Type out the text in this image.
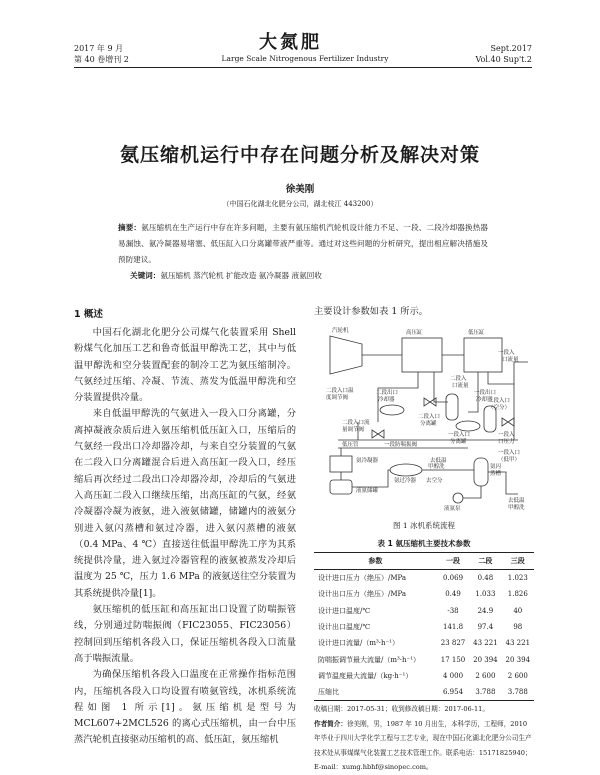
2017 年 9 月
第 40 卷增刊 2
大氮肥
Large Scale Nitrogenous Fertilizer Industry
Sept.2017
Vol.40 Sup't.2
氨压缩机运行中存在问题分析及解决对策
徐美刚
（中国石化湖北化肥分公司，湖北枝江 443200）
摘要：氨压缩机在生产运行中存在许多问题，主要有氨压缩机汽轮机设计能力不足、一段、二段冷却器换热器易漏蚀、氨冷凝器易堵塞、低压缸入口分离罐带液严重等。通过对这些问题的分析研究，提出相应解决措施及预防建议。
关键词：氨压缩机 蒸汽轮机 扩能改造 氨冷凝器 液氨回收
1 概述

中国石化湖北化肥分公司煤气化装置采用 Shell 粉煤气化加压工艺和鲁奇低温甲醇洗工艺，其中与低温甲醇洗和空分装置配套的制冷工艺为氨压缩制冷。气氨经过压缩、冷凝、节流、蒸发为低温甲醇洗和空分装置提供冷量。

来自低温甲醇洗的气氨进入一段入口分离罐，分离掉凝液杂质后进入氨压缩机低压缸入口，压缩后的气氨经一段出口冷却器冷却，与来自空分装置的气氨在二段入口分离罐混合后进入高压缸一段入口，经压缩后再次经过二段出口冷却器冷却，冷却后的气氨进入高压缸二段入口继续压缩，出高压缸的气氨，经氨冷凝器冷凝为液氨，进入液氨储罐，储罐内的液氨分别进入氨闪蒸槽和氨过冷器，进入氨闪蒸槽的液氨（0.4 MPa、4 ℃）直接送往低温甲醇洗工序为其系统提供冷量，进入氨过冷器管程的液氨被蒸发冷却后温度为 25 ℃，压力 1.6 MPa 的液氨送往空分装置为其系统提供冷量[1]。

氨压缩机的低压缸和高压缸出口设置了防喘振管线，分别通过防喘振阀（FIC23055、FIC23056）控制回到压缩机各段入口，保证压缩机各段入口流量高于喘振流量。

为确保压缩机各段入口温度在正常操作指标范围内，压缩机各段入口均设置有喷氨管线，冰机系统流程如图 1 所示[1]。氨压缩机是型号为 MCL607+2MCL526 的离心式压缩机，由一台中压蒸汽轮机直接驱动压缩机的高、低压缸，氨压缩机

主要设计参数如表 1 所示。
汽轮机	高压缸	低压缸
一段入
口流量
二段入
口流量
二段入口温
度调节阀
二段出口
冷却器
一段出口
冷却器
二段入口
分离罐
二段入口
（空分）
一段入
口压力
二段入口流
量调节阀
一段入口
分离罐
低压管	一段防喘振阀
一段入口
（低甲）
氨冷凝器
液氨储罐
氨过冷器
去低温
甲醇洗
去空分
氨闪
蒸槽
液氨泵
去低温
甲醇洗
图 1 冰机系统流程
表 1 氨压缩机主要技术参数
参数	一段	二段	三段
设计进口压力（绝压）/MPa	0.069	0.48	1.023
设计出口压力（绝压）/MPa	0.49	1.033	1.826
设计进口温度/℃	-38	24.9	40
设计出口温度/℃	141.8	97.4	98
设计进口流量/（m³·h⁻¹）	23 827	43 221	43 221
防喘振调节最大流量/（m³·h⁻¹）	17 150	20 394	20 394
调节温度最大流量/（kg·h⁻¹）	4 000	2 600	2 600
压缩比	6.954	3.788	3.788
收稿日期：2017-05-31；收到修改稿日期：2017-06-11。
作者简介：徐美刚，男，1987 年 10 月出生，本科学历，工程师，2010 年毕业于四川大学化学工程与工艺专业，现在中国石化湖北化肥分公司生产技术处从事煤煤气化装置工艺技术管理工作。联系电话：15171825940；E-mail：xumg.hbhf@sinopec.com。
